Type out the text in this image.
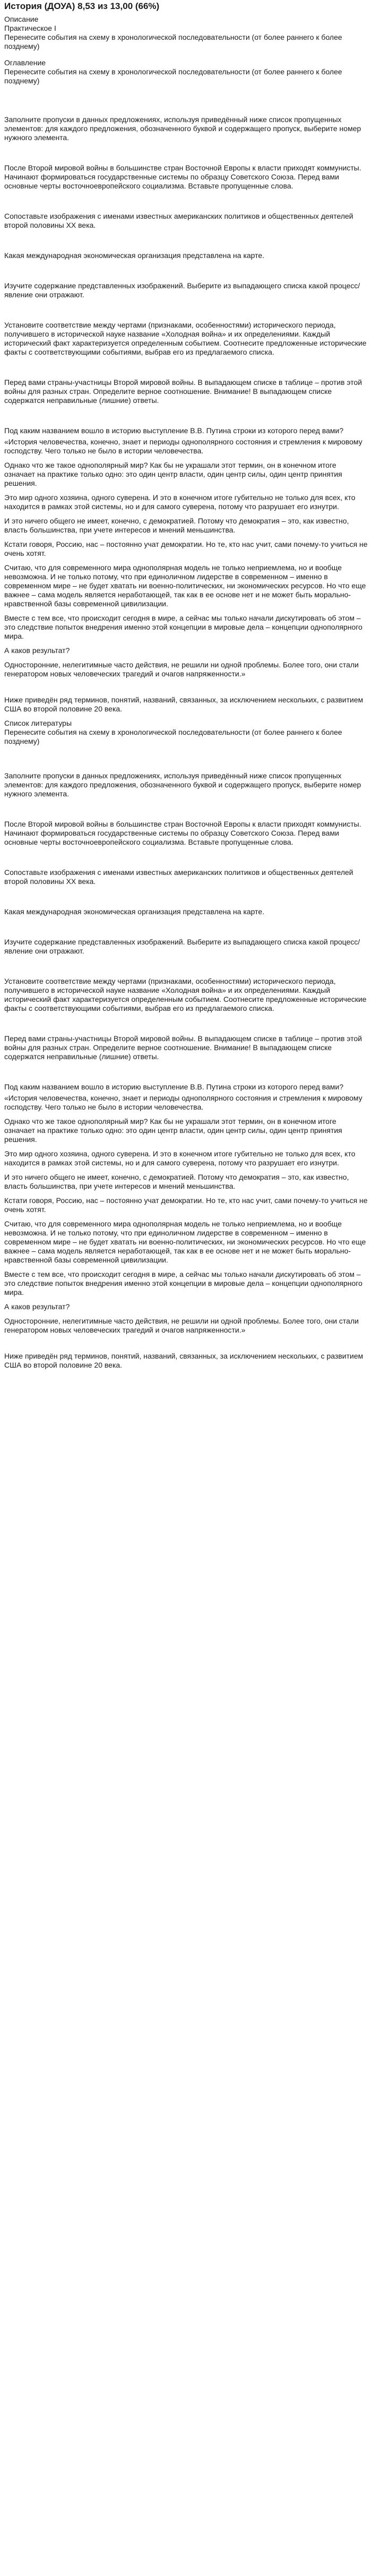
История (ДОУА) 8,53 из 13,00 (66%)
Описание
Практическое I
Перенесите события на схему в хронологической последовательности (от более раннего к более позднему)
Оглавление
Перенесите события на схему в хронологической последовательности (от более раннего к более позднему)
Заполните пропуски в данных предложениях, используя приведённый ниже список пропущенных элементов: для каждого предложения, обозначенного буквой и содержащего пропуск, выберите номер нужного элемента.
После Второй мировой войны в большинстве стран Восточной Европы к власти приходят коммунисты. Начинают формироваться государственные системы по образцу Советского Союза. Перед вами основные черты восточноевропейского социализма. Вставьте пропущенные слова.
Сопоставьте изображения с именами известных американских политиков и общественных деятелей второй половины XX века.
Какая международная экономическая организация представлена на карте.
Изучите содержание представленных изображений. Выберите из выпадающего списка какой процесс/явление они отражают.
Установите соответствие между чертами (признаками, особенностями) исторического периода, получившего в исторической науке название «Холодная война» и их определениями. Каждый исторический факт характеризуется определенным событием. Соотнесите предложенные исторические факты с соответствующими событиями, выбрав его из предлагаемого списка.
Перед вами страны-участницы Второй мировой войны. В выпадающем списке в таблице – против этой войны для разных стран. Определите верное соотношение. Внимание! В выпадающем списке содержатся неправильные (лишние) ответы.
Под каким названием вошло в историю выступление В.В. Путина строки из которого перед вами?
«История человечества, конечно, знает и периоды однополярного состояния и стремления к мировому господству. Чего только не было в истории человечества.
Однако что же такое однополярный мир? Как бы не украшали этот термин, он в конечном итоге означает на практике только одно: это один центр власти, один центр силы, один центр принятия решения.
Это мир одного хозяина, одного суверена. И это в конечном итоге губительно не только для всех, кто находится в рамках этой системы, но и для самого суверена, потому что разрушает его изнутри.
И это ничего общего не имеет, конечно, с демократией. Потому что демократия – это, как известно, власть большинства, при учете интересов и мнений меньшинства.
Кстати говоря, Россию, нас – постоянно учат демократии. Но те, кто нас учит, сами почему-то учиться не очень хотят.
Считаю, что для современного мира однополярная модель не только неприемлема, но и вообще невозможна. И не только потому, что при единоличном лидерстве в современном – именно в современном мире – не будет хватать ни военно-политических, ни экономических ресурсов. Но что еще важнее – сама модель является неработающей, так как в ее основе нет и не может быть морально-нравственной базы современной цивилизации.
Вместе с тем все, что происходит сегодня в мире, а сейчас мы только начали дискутировать об этом – это следствие попыток внедрения именно этой концепции в мировые дела – концепции однополярного мира.
А каков результат?
Односторонние, нелегитимные часто действия, не решили ни одной проблемы. Более того, они стали генератором новых человеческих трагедий и очагов напряженности.»
Ниже приведён ряд терминов, понятий, названий, связанных, за исключением нескольких, с развитием США во второй половине 20 века.
Список литературы
Перенесите события на схему в хронологической последовательности (от более раннего к более позднему)
Заполните пропуски в данных предложениях, используя приведённый ниже список пропущенных элементов: для каждого предложения, обозначенного буквой и содержащего пропуск, выберите номер нужного элемента.
После Второй мировой войны в большинстве стран Восточной Европы к власти приходят коммунисты. Начинают формироваться государственные системы по образцу Советского Союза. Перед вами основные черты восточноевропейского социализма. Вставьте пропущенные слова.
Сопоставьте изображения с именами известных американских политиков и общественных деятелей второй половины XX века.
Какая международная экономическая организация представлена на карте.
Изучите содержание представленных изображений. Выберите из выпадающего списка какой процесс/явление они отражают.
Установите соответствие между чертами (признаками, особенностями) исторического периода, получившего в исторической науке название «Холодная война» и их определениями. Каждый исторический факт характеризуется определенным событием. Соотнесите предложенные исторические факты с соответствующими событиями, выбрав его из предлагаемого списка.
Перед вами страны-участницы Второй мировой войны. В выпадающем списке в таблице – против этой войны для разных стран. Определите верное соотношение. Внимание! В выпадающем списке содержатся неправильные (лишние) ответы.
Под каким названием вошло в историю выступление В.В. Путина строки из которого перед вами?
«История человечества, конечно, знает и периоды однополярного состояния и стремления к мировому господству. Чего только не было в истории человечества.
Однако что же такое однополярный мир? Как бы не украшали этот термин, он в конечном итоге означает на практике только одно: это один центр власти, один центр силы, один центр принятия решения.
Это мир одного хозяина, одного суверена. И это в конечном итоге губительно не только для всех, кто находится в рамках этой системы, но и для самого суверена, потому что разрушает его изнутри.
И это ничего общего не имеет, конечно, с демократией. Потому что демократия – это, как известно, власть большинства, при учете интересов и мнений меньшинства.
Кстати говоря, Россию, нас – постоянно учат демократии. Но те, кто нас учит, сами почему-то учиться не очень хотят.
Считаю, что для современного мира однополярная модель не только неприемлема, но и вообще невозможна. И не только потому, что при единоличном лидерстве в современном – именно в современном мире – не будет хватать ни военно-политических, ни экономических ресурсов. Но что еще важнее – сама модель является неработающей, так как в ее основе нет и не может быть морально-нравственной базы современной цивилизации.
Вместе с тем все, что происходит сегодня в мире, а сейчас мы только начали дискутировать об этом – это следствие попыток внедрения именно этой концепции в мировые дела – концепции однополярного мира.
А каков результат?
Односторонние, нелегитимные часто действия, не решили ни одной проблемы. Более того, они стали генератором новых человеческих трагедий и очагов напряженности.»
Ниже приведён ряд терминов, понятий, названий, связанных, за исключением нескольких, с развитием США во второй половине 20 века.
